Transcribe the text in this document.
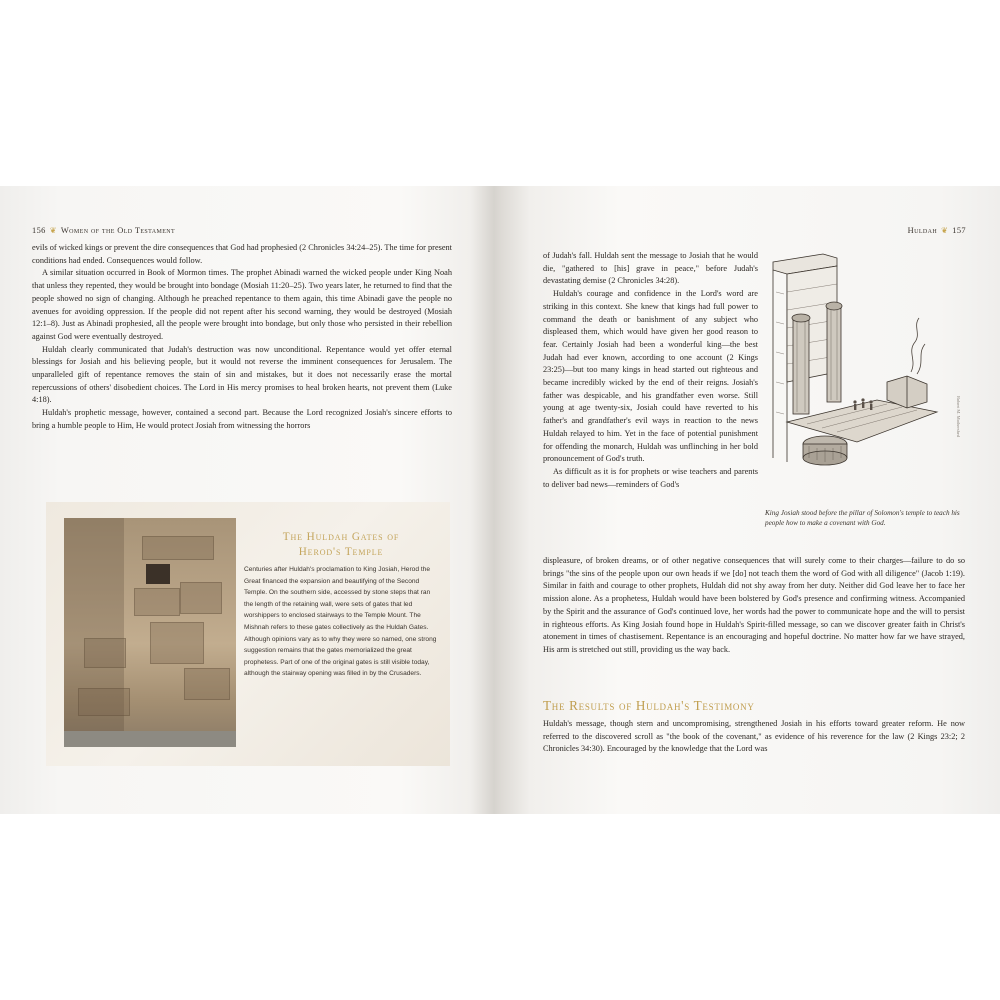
156 ❦ Women of the Old Testament

evils of wicked kings or prevent the dire consequences that God had prophesied (2 Chronicles 34:24–25). The time for present conditions had ended. Consequences would follow.

A similar situation occurred in Book of Mormon times. The prophet Abinadi warned the wicked people under King Noah that unless they repented, they would be brought into bondage (Mosiah 11:20–25). Two years later, he returned to find that the people showed no sign of changing. Although he preached repentance to them again, this time Abinadi gave the people no avenues for avoiding oppression. If the people did not repent after his second warning, they would be destroyed (Mosiah 12:1–8). Just as Abinadi prophesied, all the people were brought into bondage, but only those who persisted in their rebellion against God were eventually destroyed.

Huldah clearly communicated that Judah's destruction was now unconditional. Repentance would yet offer eternal blessings for Josiah and his believing people, but it would not reverse the imminent consequences for Jerusalem. The unparalleled gift of repentance removes the stain of sin and mistakes, but it does not necessarily erase the mortal repercussions of others' disobedient choices. The Lord in His mercy promises to heal broken hearts, not prevent them (Luke 4:18).

Huldah's prophetic message, however, contained a second part. Because the Lord recognized Josiah's sincere efforts to bring a humble people to Him, He would protect Josiah from witnessing the horrors

The Huldah Gates of
Herod's Temple
Centuries after Huldah's proclamation to King Josiah, Herod the Great financed the expansion and beautifying of the Second Temple. On the southern side, accessed by stone steps that ran the length of the retaining wall, were sets of gates that led worshippers to enclosed stairways to the Temple Mount. The Mishnah refers to these gates collectively as the Huldah Gates. Although opinions vary as to why they were so named, one strong suggestion remains that the gates memorialized the great prophetess. Part of one of the original gates is still visible today, although the stairway opening was filled in by the Crusaders.
Huldah ❦ 157

of Judah's fall. Huldah sent the message to Josiah that he would die, "gathered to [his] grave in peace," before Judah's devastating demise (2 Chronicles 34:28).

Huldah's courage and confidence in the Lord's word are striking in this context. She knew that kings had full power to command the death or banishment of any subject who displeased them, which would have given her good reason to fear. Certainly Josiah had been a wonderful king—the best Judah had ever known, according to one account (2 Kings 23:25)—but too many kings in head started out righteous and became incredibly wicked by the end of their reigns. Josiah's father was despicable, and his grandfather even worse. Still young at age twenty-six, Josiah could have reverted to his father's and grandfather's evil ways in reaction to the news Huldah relayed to him. Yet in the face of potential punishment for offending the monarch, Huldah was unflinching in her bold pronouncement of God's truth.

As difficult as it is for prophets or wise teachers and parents to deliver bad news—reminders of God's

Robert M. Mothershed
King Josiah stood before the pillar of Solomon's temple to teach his people how to make a covenant with God.

displeasure, of broken dreams, or of other negative consequences that will surely come to their charges—failure to do so brings "the sins of the people upon our own heads if we [do] not teach them the word of God with all diligence" (Jacob 1:19). Similar in faith and courage to other prophets, Huldah did not shy away from her duty. Neither did God leave her to face her mission alone. As a prophetess, Huldah would have been bolstered by God's presence and confirming witness. Accompanied by the Spirit and the assurance of God's continued love, her words had the power to communicate hope and the will to persist in righteous efforts. As King Josiah found hope in Huldah's Spirit-filled message, so can we discover greater faith in Christ's atonement in times of chastisement. Repentance is an encouraging and hopeful doctrine. No matter how far we have strayed, His arm is stretched out still, providing us the way back.

The Results of Huldah's Testimony

Huldah's message, though stern and uncompromising, strengthened Josiah in his efforts toward greater reform. He now referred to the discovered scroll as "the book of the covenant," as evidence of his reverence for the law (2 Kings 23:2; 2 Chronicles 34:30). Encouraged by the knowledge that the Lord was
